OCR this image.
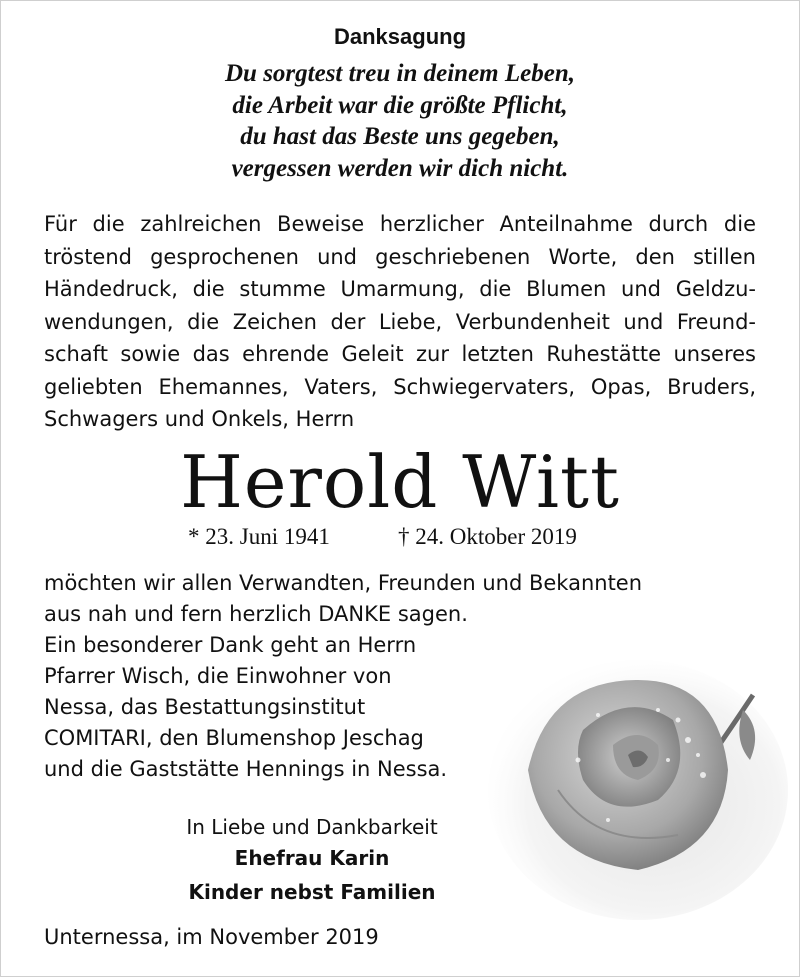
Danksagung
Du sorgtest treu in deinem Leben,
die Arbeit war die größte Pflicht,
du hast das Beste uns gegeben,
vergessen werden wir dich nicht.
Für die zahlreichen Beweise herzlicher Anteilnahme durch die
tröstend gesprochenen und geschriebenen Worte, den stillen
Händedruck, die stumme Umarmung, die Blumen und Geldzu-
wendungen, die Zeichen der Liebe, Verbundenheit und Freund-
schaft sowie das ehrende Geleit zur letzten Ruhestätte unseres
geliebten Ehemannes, Vaters, Schwiegervaters, Opas, Bruders,
Schwagers und Onkels, Herrn
Herold Witt
* 23. Juni 1941	† 24. Oktober 2019
möchten wir allen Verwandten, Freunden und Bekannten
aus nah und fern herzlich DANKE sagen.
Ein besonderer Dank geht an Herrn
Pfarrer Wisch, die Einwohner von
Nessa, das Bestattungsinstitut
COMITARI, den Blumenshop Jeschag
und die Gaststätte Hennings in Nessa.
In Liebe und Dankbarkeit
Ehefrau Karin
Kinder nebst Familien
Unternessa, im November 2019
